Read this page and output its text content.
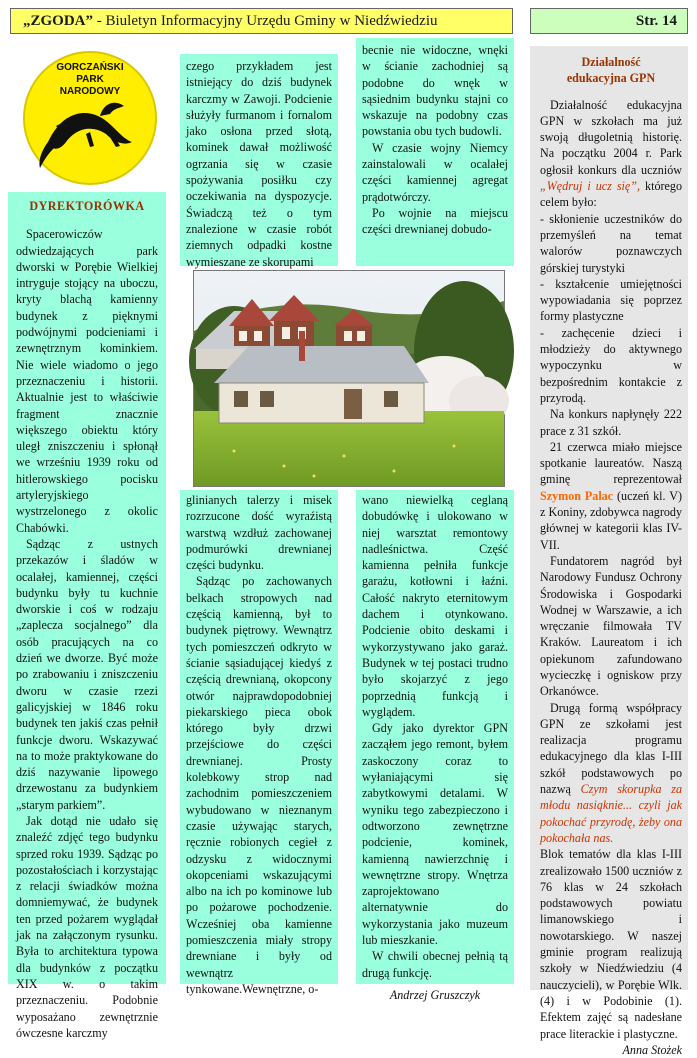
„ZGODA” - Biuletyn Informacyjny Urzędu Gminy w Niedźwiedziu	Str. 14
GORCZAŃSKI
PARK
NARODOWY

DYREKTORÓWKA

Spacerowiczów odwiedzających park dworski w Porębie Wielkiej intryguje stojący na uboczu, kryty blachą kamienny budynek z pięknymi podwójnymi podcieniami i zewnętrznym kominkiem. Nie wiele wiadomo o jego przeznaczeniu i historii. Aktualnie jest to właściwie fragment znacznie większego obiektu który uległ zniszczeniu i spłonął we wrześniu 1939 roku od hitlerowskiego pocisku artyleryjskiego wystrzelonego z okolic Chabówki.

Sądząc z ustnych przekazów i śladów w ocalałej, kamiennej, części budynku były tu kuchnie dworskie i coś w rodzaju „zaplecza socjalnego” dla osób pracujących na co dzień we dworze. Być może po zrabowaniu i zniszczeniu dworu w czasie rzezi galicyjskiej w 1846 roku budynek ten jakiś czas pełnił funkcje dworu. Wskazywać na to może praktykowane do dziś nazywanie lipowego drzewostanu za budynkiem „starym parkiem”.

Jak dotąd nie udało się znaleźć zdjęć tego budynku sprzed roku 1939. Sądząc po pozostałościach i korzystając z relacji świadków można domniemywać, że budynek ten przed pożarem wyglądał jak na załączonym rysunku. Była to architektura typowa dla budynków z początku XIX w. o takim przeznaczeniu. Podobnie wyposażano zewnętrznie ówczesne karczmy

czego przykładem jest istniejący do dziś budynek karczmy w Zawoji. Podcienie służyły furmanom i fornalom jako osłona przed słotą, kominek dawał możliwość ogrzania się w czasie spożywania posiłku czy oczekiwania na dyspozycje. Świadczą też o tym znalezione w czasie robót ziemnych odpadki kostne wymieszane ze skorupami

becnie nie widoczne, wnęki w ścianie zachodniej są podobne do wnęk w sąsiednim budynku stajni co wskazuje na podobny czas powstania obu tych budowli.

W czasie wojny Niemcy zainstalowali w ocalałej części kamiennej agregat prądotwórczy.

Po wojnie na miejscu części drewnianej dobudo-

glinianych talerzy i misek rozrzucone dość wyraźistą warstwą wzdłuż zachowanej podmurówki drewnianej części budynku.

Sądząc po zachowanych belkach stropowych nad częścią kamienną, był to budynek piętrowy. Wewnątrz tych pomieszczeń odkryto w ścianie sąsiadującej kiedyś z częścią drewnianą, okopcony otwór najprawdopodobniej piekarskiego pieca obok którego były drzwi przejściowe do części drewnianej. Prosty kolebkowy strop nad zachodnim pomieszczeniem wybudowano w nieznanym czasie używając starych, ręcznie robionych cegieł z odzysku z widocznymi okopceniami wskazującymi albo na ich po kominowe lub po pożarowe pochodzenie. Wcześniej oba kamienne pomieszczenia miały stropy drewniane i były od wewnątrz tynkowane.Wewnętrzne, o-

wano niewielką ceglaną dobudówkę i ulokowano w niej warsztat remontowy nadleśnictwa. Część kamienna pełniła funkcje garażu, kotłowni i łaźni. Całość nakryto eternitowym dachem i otynkowano. Podcienie obito deskami i wykorzystywano jako garaż. Budynek w tej postaci trudno było skojarzyć z jego poprzednią funkcją i wyglądem.

Gdy jako dyrektor GPN zacząłem jego remont, byłem zaskoczony coraz to wyłaniającymi się zabytkowymi detalami. W wyniku tego zabezpieczono i odtworzono zewnętrzne podcienie, kominek, kamienną nawierzchnię i wewnętrzne stropy. Wnętrza zaprojektowano alternatywnie do wykorzystania jako muzeum lub mieszkanie.

W chwili obecnej pełnią tą drugą funkcję.

Andrzej Gruszczyk

Działalność

edukacyjna GPN

Działalność edukacyjna GPN w szkołach ma już swoją długoletnią historię. Na początku 2004 r. Park ogłosił konkurs dla uczniów „Wędruj i ucz się”, którego celem było:

- skłonienie uczestników do przemyśleń na temat walorów poznawczych górskiej turystyki

- kształcenie umiejętności wypowiadania się poprzez formy plastyczne

- zachęcenie dzieci i młodzieży do aktywnego wypoczynku w bezpośrednim kontakcie z przyrodą.

Na konkurs napłynęły 222 prace z 31 szkół.

21 czerwca miało miejsce spotkanie laureatów. Naszą gminę reprezentował Szymon Palac (uczeń kl. V) z Koniny, zdobywca nagrody głównej w kategorii klas IV-VII.

Fundatorem nagród był Narodowy Fundusz Ochrony Środowiska i Gospodarki Wodnej w Warszawie, a ich wręczanie filmowała TV Kraków. Laureatom i ich opiekunom zafundowano wycieczkę i ogniskow przy Orkanówce.

Drugą formą współpracy GPN ze szkołami jest realizacja programu edukacyjnego dla klas I-III szkół podstawowych po nazwą Czym skorupka za młodu nasiąknie... czyli jak pokochać przyrodę, żeby ona pokochała nas.

Blok tematów dla klas I-III zrealizowało 1500 uczniów z 76 klas w 24 szkołach podstawowych powiatu limanowskiego i nowotarskiego. W naszej gminie program realizują szkoły w Niedźwiedziu (4 nauczycieli), w Porębie Wlk. (4) i w Podobinie (1). Efektem zajęć są nadesłane prace literackie i plastyczne.

Anna Stożek
